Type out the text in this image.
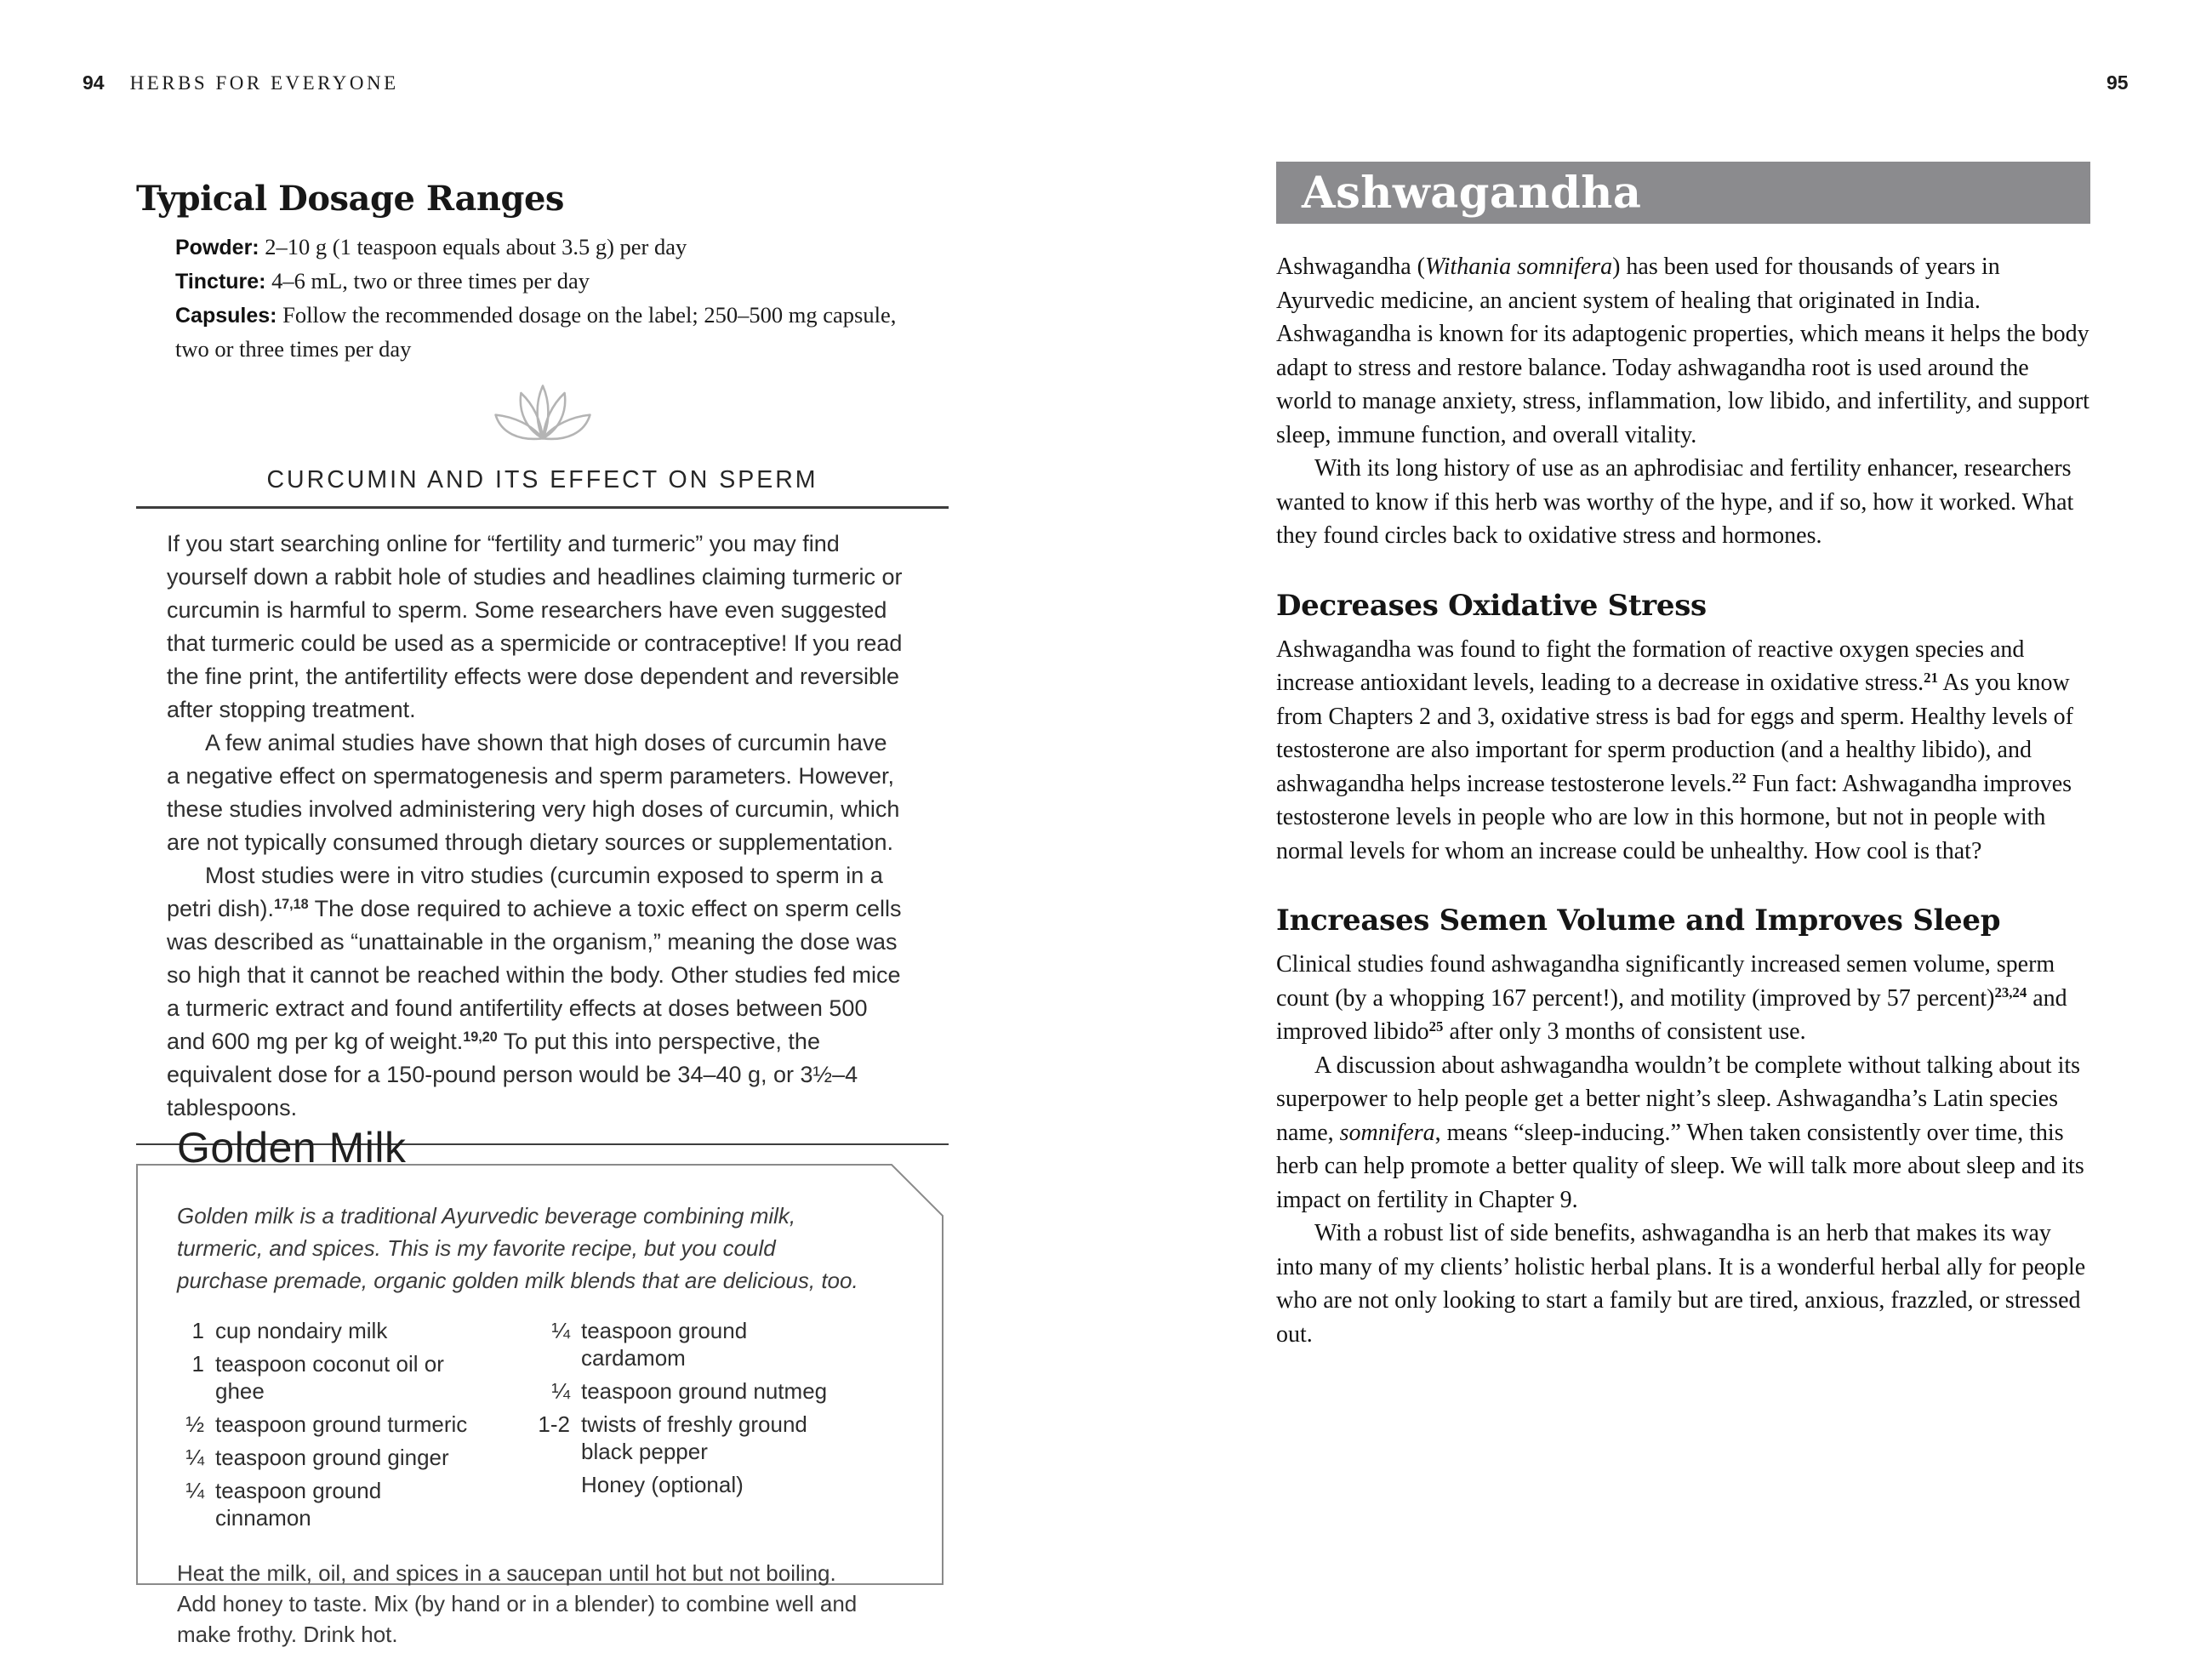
94 HERBS FOR EVERYONE
Typical Dosage Ranges
Powder: 2–10 g (1 teaspoon equals about 3.5 g) per day
Tincture: 4–6 mL, two or three times per day
Capsules: Follow the recommended dosage on the label; 250–500 mg capsule, two or three times per day
CURCUMIN AND ITS EFFECT ON SPERM

If you start searching online for “fertility and turmeric” you may find yourself down a rabbit hole of studies and headlines claiming turmeric or curcumin is harmful to sperm. Some researchers have even suggested that turmeric could be used as a spermicide or contraceptive! If you read the fine print, the antifertility effects were dose dependent and reversible after stopping treatment.

A few animal studies have shown that high doses of curcumin have a negative effect on spermatogenesis and sperm parameters. However, these studies involved administering very high doses of curcumin, which are not typically consumed through dietary sources or supplementation.

Most studies were in vitro studies (curcumin exposed to sperm in a petri dish).$^{17,18}$ The dose required to achieve a toxic effect on sperm cells was described as “unattainable in the organism,” meaning the dose was so high that it cannot be reached within the body. Other studies fed mice a turmeric extract and found antifertility effects at doses between 500 and 600 mg per kg of weight.$^{19,20}$ To put this into perspective, the equivalent dose for a 150-pound person would be 34–40 g, or 3½–4 tablespoons.

Golden Milk

Golden milk is a traditional Ayurvedic beverage combining milk, turmeric, and spices. This is my favorite recipe, but you could purchase premade, organic golden milk blends that are delicious, too.

1 cup nondairy milk
1 teaspoon coconut oil or ghee
½ teaspoon ground turmeric
¼ teaspoon ground ginger
¼ teaspoon ground cinnamon
¼ teaspoon ground cardamom
¼ teaspoon ground nutmeg
1-2 twists of freshly ground black pepper
Honey (optional)

Heat the milk, oil, and spices in a saucepan until hot but not boiling. Add honey to taste. Mix (by hand or in a blender) to combine well and make frothy. Drink hot.

95
Ashwagandha

Ashwagandha (Withania somnifera) has been used for thousands of years in Ayurvedic medicine, an ancient system of healing that originated in India. Ashwagandha is known for its adaptogenic properties, which means it helps the body adapt to stress and restore balance. Today ashwagandha root is used around the world to manage anxiety, stress, inflammation, low libido, and infertility, and support sleep, immune function, and overall vitality.

With its long history of use as an aphrodisiac and fertility enhancer, researchers wanted to know if this herb was worthy of the hype, and if so, how it worked. What they found circles back to oxidative stress and hormones.

Decreases Oxidative Stress

Ashwagandha was found to fight the formation of reactive oxygen species and increase antioxidant levels, leading to a decrease in oxidative stress.$^{21}$ As you know from Chapters 2 and 3, oxidative stress is bad for eggs and sperm. Healthy levels of testosterone are also important for sperm production (and a healthy libido), and ashwagandha helps increase testosterone levels.$^{22}$ Fun fact: Ashwagandha improves testosterone levels in people who are low in this hormone, but not in people with normal levels for whom an increase could be unhealthy. How cool is that?

Increases Semen Volume and Improves Sleep

Clinical studies found ashwagandha significantly increased semen volume, sperm count (by a whopping 167 percent!), and motility (improved by 57 percent)$^{23,24}$ and improved libido$^{25}$ after only 3 months of consistent use.

A discussion about ashwagandha wouldn’t be complete without talking about its superpower to help people get a better night’s sleep. Ashwagandha’s Latin species name, somnifera, means “sleep-inducing.” When taken consistently over time, this herb can help promote a better quality of sleep. We will talk more about sleep and its impact on fertility in Chapter 9.

With a robust list of side benefits, ashwagandha is an herb that makes its way into many of my clients’ holistic herbal plans. It is a wonderful herbal ally for people who are not only looking to start a family but are tired, anxious, frazzled, or stressed out.
